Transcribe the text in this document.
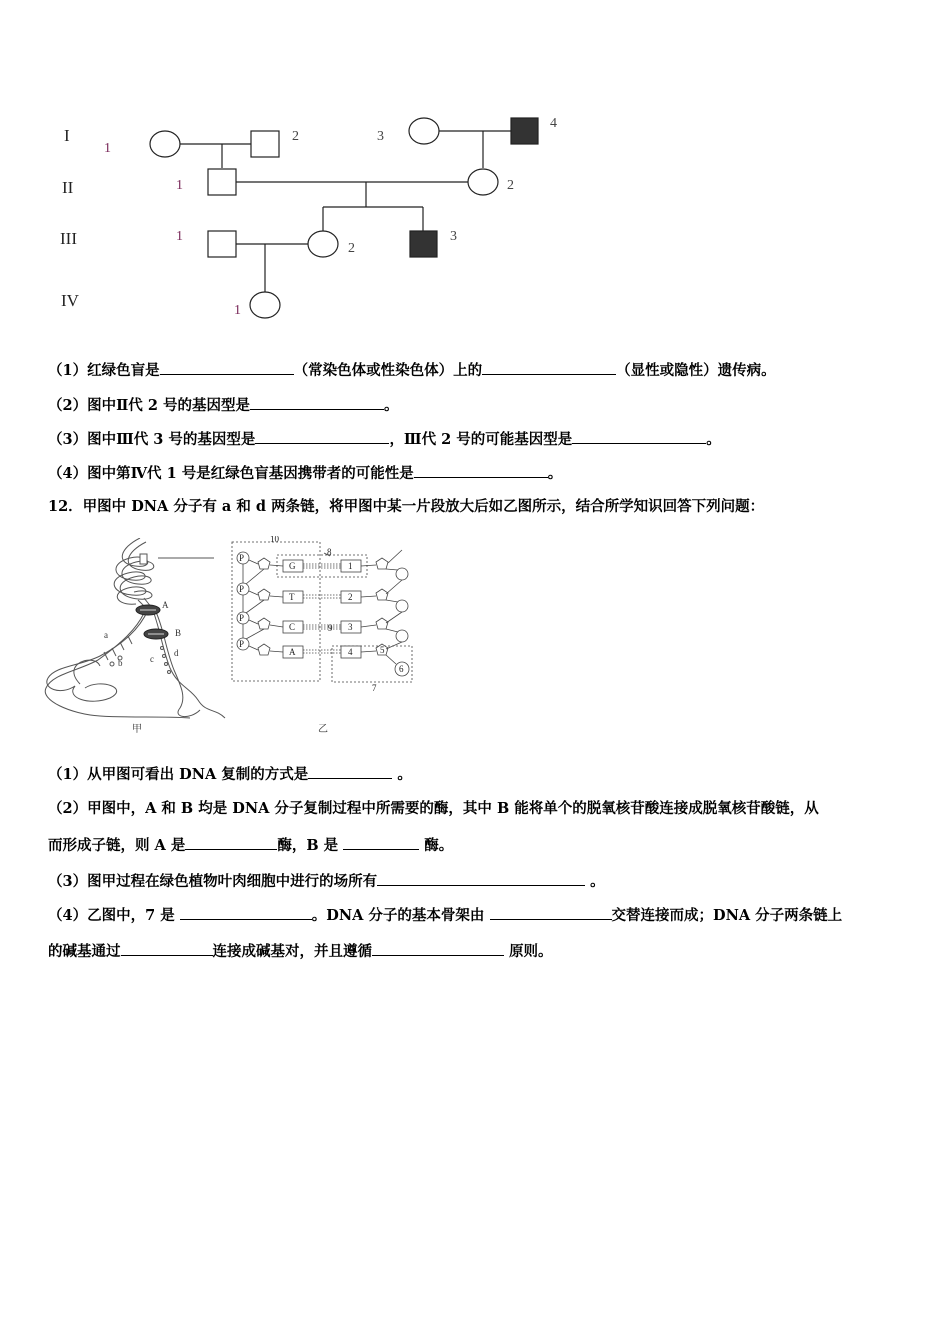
I
II
III
IV
1
2	3
4
1	2
1
2
3
1
（1）红绿色盲是	（常染色体或性染色体）上的	（显性或隐性）遗传病。
（2）图中Ⅱ代 2 号的基因型是	。
（3）图中Ⅲ代 3 号的基因型是	，Ⅲ代 2 号的可能基因型是	。
（4）图中第Ⅳ代 1 号是红绿色盲基因携带者的可能性是	。
12．甲图中 DNA 分子有 a 和 d 两条链，将甲图中某一片段放大后如乙图所示，结合所学知识回答下列问题：
A
B
a
b	c
d
甲
P
P
P
P
G
T
C
A
1
2
3
4	5
6
7
8
9
10
乙
（1）从甲图可看出 DNA 复制的方式是	。
（2）甲图中，A 和 B 均是 DNA 分子复制过程中所需要的酶，其中 B 能将单个的脱氧核苷酸连接成脱氧核苷酸链，从
而形成子链，则 A 是	酶，B 是	酶。
（3）图甲过程在绿色植物叶肉细胞中进行的场所有	。
（4）乙图中，7 是	。DNA 分子的基本骨架由	交替连接而成；DNA 分子两条链上
的碱基通过	连接成碱基对，并且遵循	原则。
